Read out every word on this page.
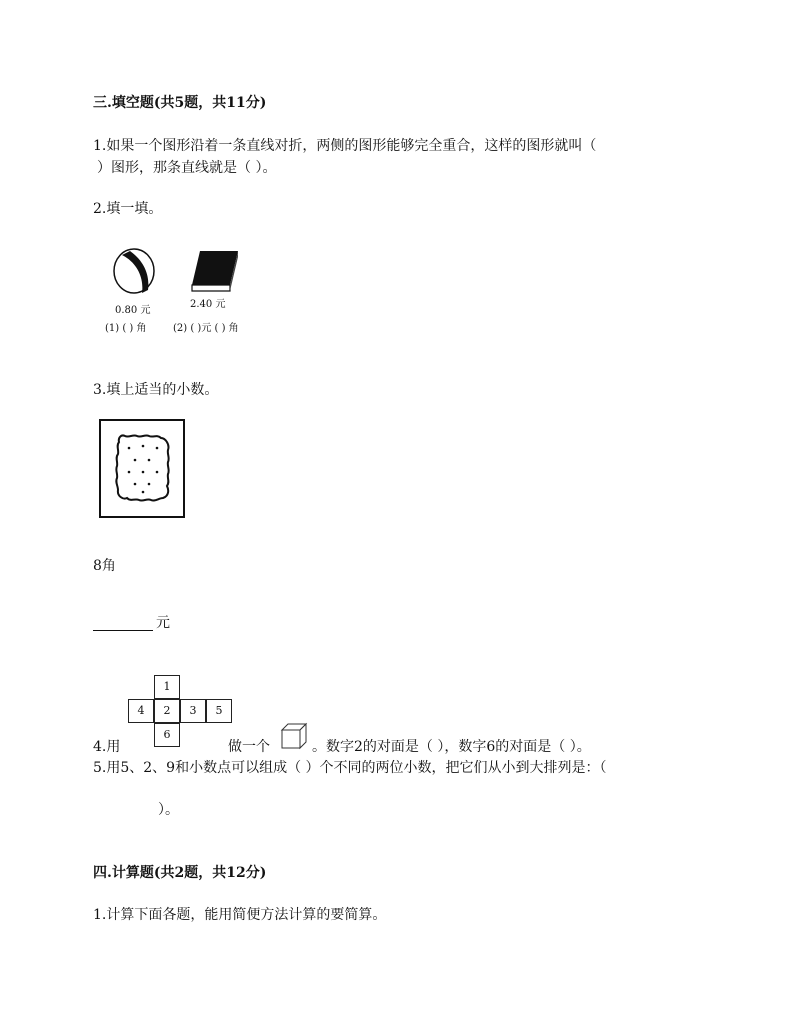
三.填空题(共5题，共11分)
1.如果一个图形沿着一条直线对折，两侧的图形能够完全重合，这样的图形就叫（
）图形，那条直线就是（ ）。
2.填一填。
0.80 元
(1) ( ) 角
2.40 元
(2) ( )元 ( ) 角
3.填上适当的小数。
8角
元
1
4	2	3	5
6
4.用	做一个	。数字2的对面是（ ），数字6的对面是（ ）。
5.用5、2、9和小数点可以组成（ ）个不同的两位小数，把它们从小到大排列是：（
）。
四.计算题(共2题，共12分)
1.计算下面各题，能用简便方法计算的要简算。
